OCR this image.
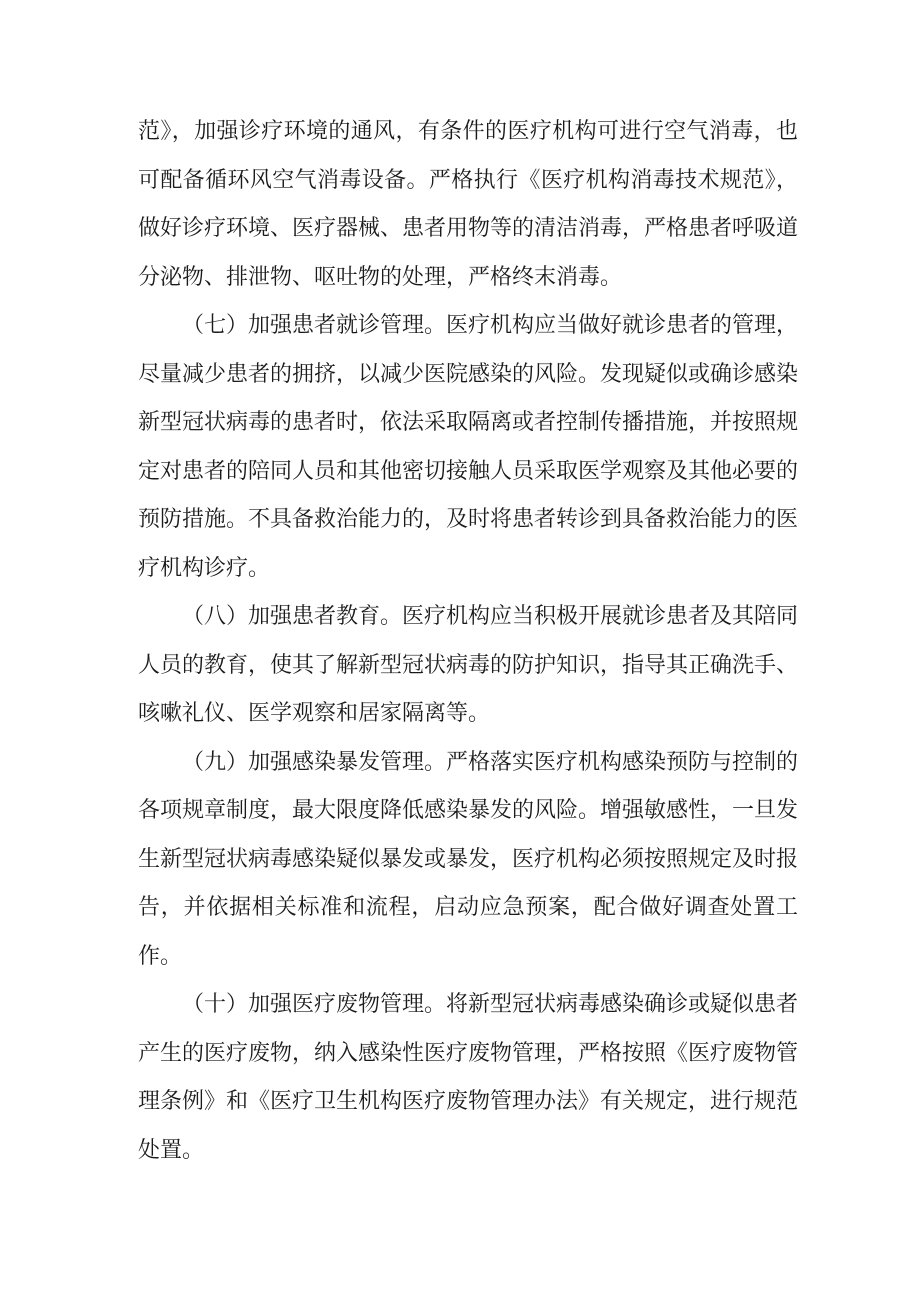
范》，加强诊疗环境的通风，有条件的医疗机构可进行空气消毒，也可配备循环风空气消毒设备。严格执行《医疗机构消毒技术规范》，做好诊疗环境、医疗器械、患者用物等的清洁消毒，严格患者呼吸道分泌物、排泄物、呕吐物的处理，严格终末消毒。

（七）加强患者就诊管理。医疗机构应当做好就诊患者的管理，尽量减少患者的拥挤，以减少医院感染的风险。发现疑似或确诊感染新型冠状病毒的患者时，依法采取隔离或者控制传播措施，并按照规定对患者的陪同人员和其他密切接触人员采取医学观察及其他必要的预防措施。不具备救治能力的，及时将患者转诊到具备救治能力的医疗机构诊疗。

（八）加强患者教育。医疗机构应当积极开展就诊患者及其陪同人员的教育，使其了解新型冠状病毒的防护知识，指导其正确洗手、咳嗽礼仪、医学观察和居家隔离等。

（九）加强感染暴发管理。严格落实医疗机构感染预防与控制的各项规章制度，最大限度降低感染暴发的风险。增强敏感性，一旦发生新型冠状病毒感染疑似暴发或暴发，医疗机构必须按照规定及时报告，并依据相关标准和流程，启动应急预案，配合做好调查处置工作。

（十）加强医疗废物管理。将新型冠状病毒感染确诊或疑似患者产生的医疗废物，纳入感染性医疗废物管理，严格按照《医疗废物管理条例》和《医疗卫生机构医疗废物管理办法》有关规定，进行规范处置。
